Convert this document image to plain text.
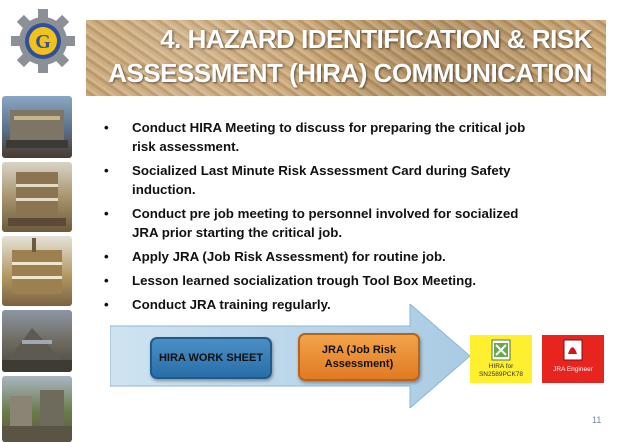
4. HAZARD IDENTIFICATION & RISK
ASSESSMENT (HIRA) COMMUNICATION
G
• Conduct HIRA Meeting to discuss for preparing the critical job
risk assessment.
• Socialized Last Minute Risk Assessment Card during Safety
induction.
• Conduct pre job meeting to personnel involved for socialized
JRA prior starting the critical job.
• Apply JRA (Job Risk Assessment) for routine job.
• Lesson learned socialization trough Tool Box Meeting.
• Conduct JRA training regularly.
HIRA WORK SHEET
JRA (Job Risk
Assessment)	HIRA for
SN2589PCK78
JRA Engineer
11
